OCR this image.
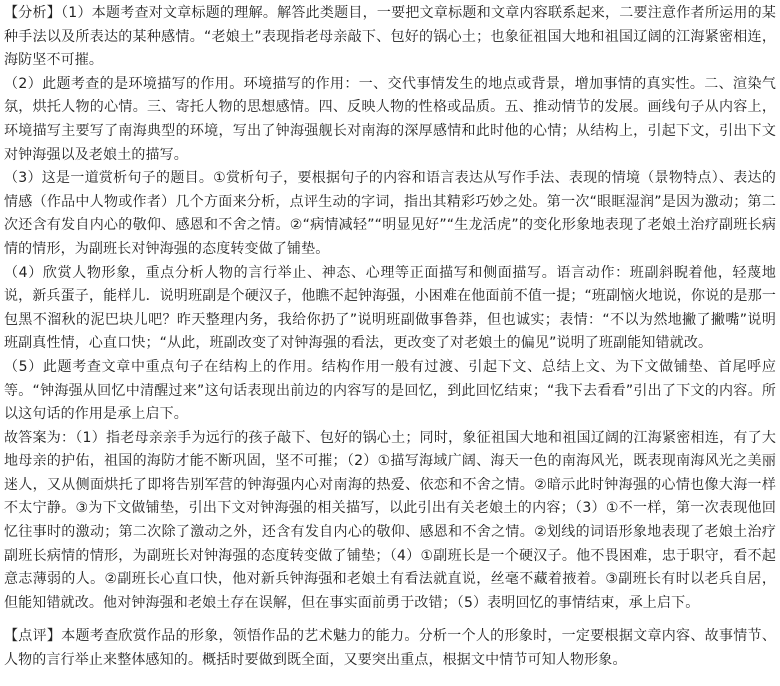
【分析】（1）本题考查对文章标题的理解。解答此类题目，一要把文章标题和文章内容联系起来，二要注意作者所运用的某种手法以及所表达的某种感情。“老娘土”表现指老母亲敲下、包好的锅心土；也象征祖国大地和祖国辽阔的江海紧密相连，海防坚不可摧。

（2）此题考查的是环境描写的作用。环境描写的作用：一、交代事情发生的地点或背景，增加事情的真实性。二、渲染气氛，烘托人物的心情。三、寄托人物的思想感情。四、反映人物的性格或品质。五、推动情节的发展。画线句子从内容上，环境描写主要写了南海典型的环境，写出了钟海强舰长对南海的深厚感情和此时他的心情；从结构上，引起下文，引出下文对钟海强以及老娘土的描写。

（3）这是一道赏析句子的题目。①赏析句子，要根据句子的内容和语言表达从写作手法、表现的情境（景物特点）、表达的情感（作品中人物或作者）几个方面来分析，点评生动的字词，指出其精彩巧妙之处。第一次“眼眶湿润”是因为激动；第二次还含有发自内心的敬仰、感恩和不舍之情。②“病情减轻”“明显见好”“生龙活虎”的变化形象地表现了老娘土治疗副班长病情的情形，为副班长对钟海强的态度转变做了铺垫。

（4）欣赏人物形象，重点分析人物的言行举止、神态、心理等正面描写和侧面描写。语言动作：班副斜睨着他，轻蔑地说，新兵蛋子，能样儿．说明班副是个硬汉子，他瞧不起钟海强，小困难在他面前不值一提；“班副恼火地说，你说的是那一包黑不溜秋的泥巴块儿吧？昨天整理内务，我给你扔了”说明班副做事鲁莽，但也诚实；表情：“不以为然地撇了撇嘴”说明班副真性情，心直口快；“从此，班副改变了对钟海强的看法，更改变了对老娘土的偏见”说明了班副能知错就改。

（5）此题考查文章中重点句子在结构上的作用。结构作用一般有过渡、引起下文、总结上文、为下文做铺垫、首尾呼应等。“钟海强从回忆中清醒过来”这句话表现出前边的内容写的是回忆，到此回忆结束；“我下去看看”引出了下文的内容。所以这句话的作用是承上启下。

故答案为：（1）指老母亲亲手为远行的孩子敲下、包好的锅心土；同时，象征祖国大地和祖国辽阔的江海紧密相连，有了大地母亲的护佑，祖国的海防才能不断巩固，坚不可摧；（2）①描写海域广阔、海天一色的南海风光，既表现南海风光之美丽迷人，又从侧面烘托了即将告别军营的钟海强内心对南海的热爱、依恋和不舍之情。②暗示此时钟海强的心情也像大海一样不太宁静。③为下文做铺垫，引出下文对钟海强的相关描写，以此引出有关老娘土的内容；（3）①不一样，第一次表现他回忆往事时的激动；第二次除了激动之外，还含有发自内心的敬仰、感恩和不舍之情。②划线的词语形象地表现了老娘土治疗副班长病情的情形，为副班长对钟海强的态度转变做了铺垫；（4）①副班长是一个硬汉子。他不畏困难，忠于职守，看不起意志薄弱的人。②副班长心直口快，他对新兵钟海强和老娘土有看法就直说，丝毫不藏着掖着。③副班长有时以老兵自居，但能知错就改。他对钟海强和老娘土存在误解，但在事实面前勇于改错；（5）表明回忆的事情结束，承上启下。

【点评】本题考查欣赏作品的形象，领悟作品的艺术魅力的能力。分析一个人的形象时，一定要根据文章内容、故事情节、人物的言行举止来整体感知的。概括时要做到既全面，又要突出重点，根据文中情节可知人物形象。
